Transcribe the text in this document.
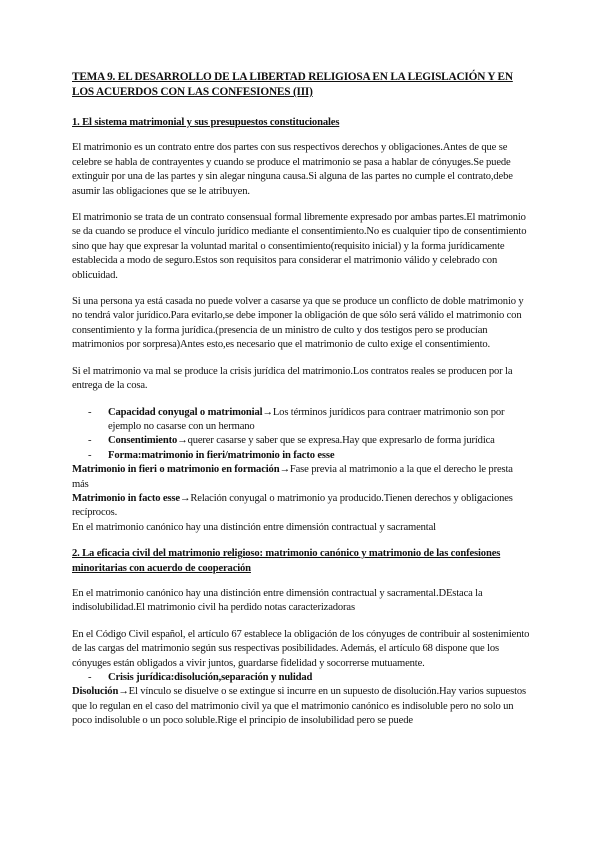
TEMA 9. EL DESARROLLO DE LA LIBERTAD RELIGIOSA EN LA LEGISLACIÓN Y EN LOS ACUERDOS CON LAS CONFESIONES (III)
1. El sistema matrimonial y sus presupuestos constitucionales

El matrimonio es un contrato entre dos partes con sus respectivos derechos y obligaciones.Antes de que se celebre se habla de contrayentes y cuando se produce el matrimonio se pasa a hablar de cónyuges.Se puede extinguir por una de las partes y sin alegar ninguna causa.Si alguna de las partes no cumple el contrato,debe asumir las obligaciones que se le atribuyen.

El matrimonio se trata de un contrato consensual formal libremente expresado por ambas partes.El matrimonio se da cuando se produce el vínculo jurídico mediante el consentimiento.No es cualquier tipo de consentimiento sino que hay que expresar la voluntad marital o consentimiento(requisito inicial) y la forma jurídicamente establecida a modo de seguro.Estos son requisitos para considerar el matrimonio válido y celebrado con oblicuidad.

Si una persona ya está casada no puede volver a casarse ya que se produce un conflicto de doble matrimonio y no tendrá valor jurídico.Para evitarlo,se debe imponer la obligación de que sólo será válido el matrimonio con consentimiento y la forma jurídica.(presencia de un ministro de culto y dos testigos pero se producían matrimonios por sorpresa)Antes esto,es necesario que el matrimonio de culto exige el consentimiento.

Si el matrimonio va mal se produce la crisis jurídica del matrimonio.Los contratos reales se producen por la entrega de la cosa.

- Capacidad conyugal o matrimonial→Los términos jurídicos para contraer matrimonio son por ejemplo no casarse con un hermano
- Consentimiento→querer casarse y saber que se expresa.Hay que expresarlo de forma jurídica
- Forma:matrimonio in fieri/matrimonio in facto esse
Matrimonio in fieri o matrimonio en formación→Fase previa al matrimonio a la que el derecho le presta más
Matrimonio in facto esse→Relación conyugal o matrimonio ya producido.Tienen derechos y obligaciones recíprocos.
En el matrimonio canónico hay una distinción entre dimensión contractual y sacramental
2. La eficacia civil del matrimonio religioso: matrimonio canónico y matrimonio de las confesiones minoritarias con acuerdo de cooperación

En el matrimonio canónico hay una distinción entre dimensión contractual y sacramental.DEstaca la indisolubilidad.El matrimonio civil ha perdido notas caracterizadoras

En el Código Civil español, el artículo 67 establece la obligación de los cónyuges de contribuir al sostenimiento de las cargas del matrimonio según sus respectivas posibilidades. Además, el artículo 68 dispone que los cónyuges están obligados a vivir juntos, guardarse fidelidad y socorrerse mutuamente.

- Crisis jurídica:disolución,separación y nulidad
Disolución→El vínculo se disuelve o se extingue si incurre en un supuesto de disolución.Hay varios supuestos que lo regulan en el caso del matrimonio civil ya que el matrimonio canónico es indisoluble pero no solo un poco indisoluble o un poco soluble.Rige el principio de insolubilidad pero se puede
